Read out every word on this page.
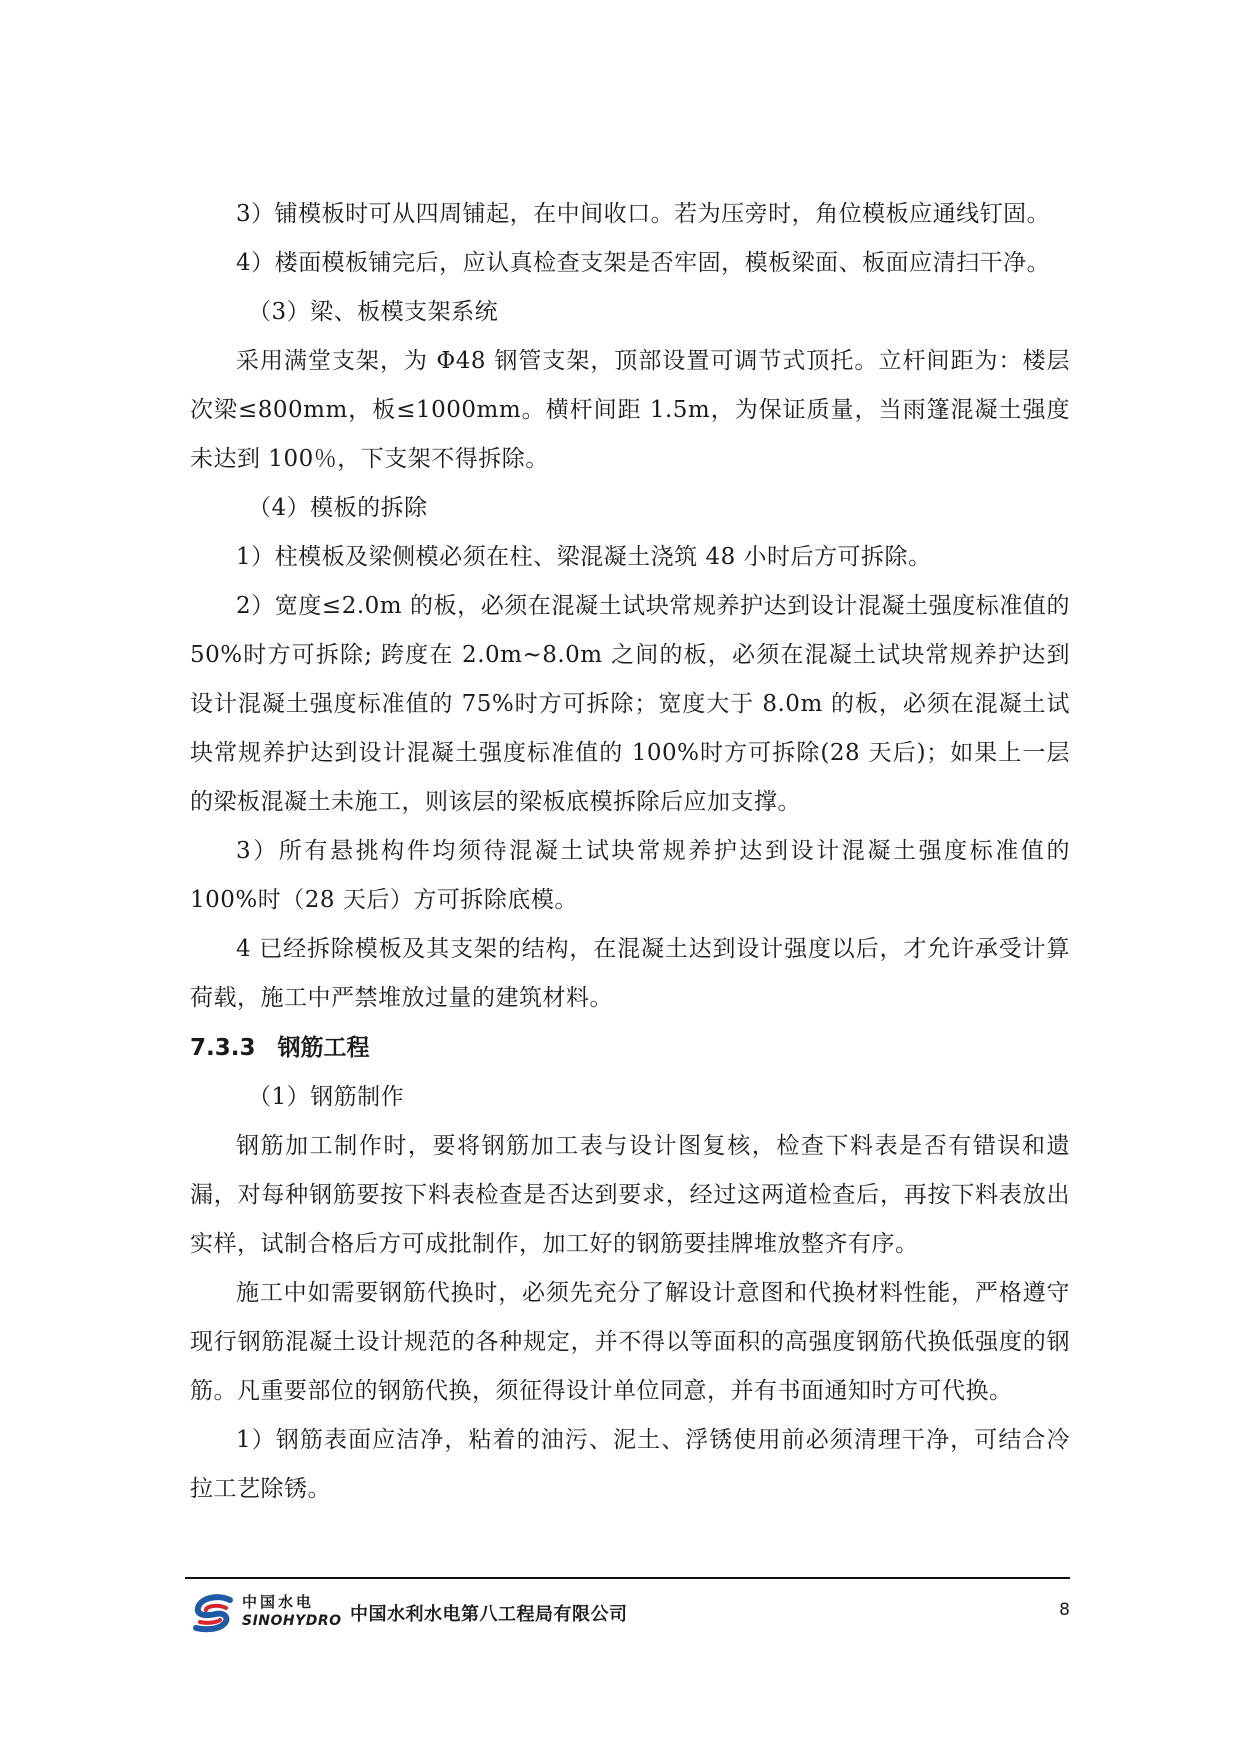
3）铺模板时可从四周铺起，在中间收口。若为压旁时，角位模板应通线钉固。

4）楼面模板铺完后，应认真检查支架是否牢固，模板梁面、板面应清扫干净。

（3）梁、板模支架系统

采用满堂支架，为 Φ48 钢管支架，顶部设置可调节式顶托。立杆间距为：楼层次梁≤800mm，板≤1000mm。横杆间距 1.5m，为保证质量，当雨篷混凝土强度未达到 100％，下支架不得拆除。

（4）模板的拆除

1）柱模板及梁侧模必须在柱、梁混凝土浇筑 48 小时后方可拆除。

2）宽度≤2.0m 的板，必须在混凝土试块常规养护达到设计混凝土强度标准值的 50%时方可拆除; 跨度在 2.0m~8.0m 之间的板，必须在混凝土试块常规养护达到设计混凝土强度标准值的 75%时方可拆除；宽度大于 8.0m 的板，必须在混凝土试块常规养护达到设计混凝土强度标准值的 100%时方可拆除(28 天后)；如果上一层的梁板混凝土未施工，则该层的梁板底模拆除后应加支撑。

3）所有悬挑构件均须待混凝土试块常规养护达到设计混凝土强度标准值的 100%时（28 天后）方可拆除底模。

4 已经拆除模板及其支架的结构，在混凝土达到设计强度以后，才允许承受计算荷载，施工中严禁堆放过量的建筑材料。

7.3.3 钢筋工程

（1）钢筋制作

钢筋加工制作时，要将钢筋加工表与设计图复核，检查下料表是否有错误和遗漏，对每种钢筋要按下料表检查是否达到要求，经过这两道检查后，再按下料表放出实样，试制合格后方可成批制作，加工好的钢筋要挂牌堆放整齐有序。

施工中如需要钢筋代换时，必须先充分了解设计意图和代换材料性能，严格遵守现行钢筋混凝土设计规范的各种规定，并不得以等面积的高强度钢筋代换低强度的钢筋。凡重要部位的钢筋代换，须征得设计单位同意，并有书面通知时方可代换。

1）钢筋表面应洁净，粘着的油污、泥土、浮锈使用前必须清理干净，可结合冷拉工艺除锈。

中国水电
SINOHYDRO 中国水利水电第八工程局有限公司	8
